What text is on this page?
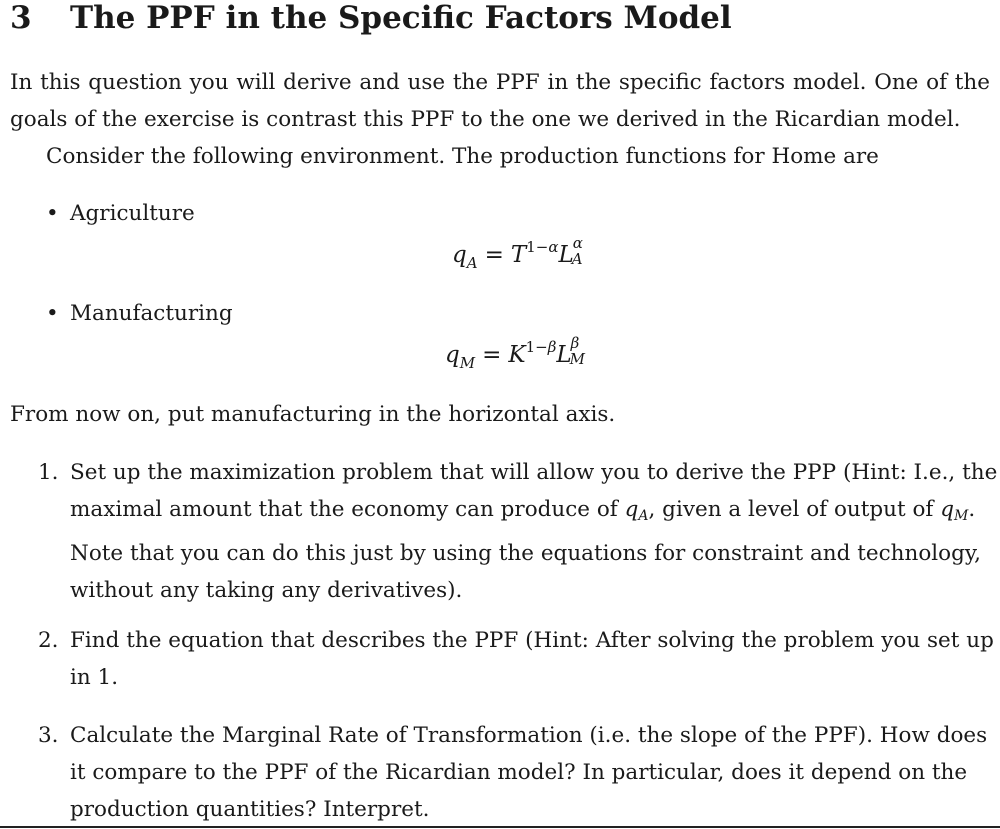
3 The PPF in the Specific Factors Model

In this question you will derive and use the PPF in the specific factors model. One of the goals of the exercise is contrast this PPF to the one we derived in the Ricardian model.

Consider the following environment. The production functions for Home are

• Agriculture
$q_A = T^{1-\alpha}L$ α
A
• Manufacturing
$q_M = K^{1-\beta}L$ β
M

From now on, put manufacturing in the horizontal axis.

1. Set up the maximization problem that will allow you to derive the PPP (Hint: I.e., the
maximal amount that the economy can produce of qA, given a level of output of qM.
Note that you can do this just by using the equations for constraint and technology,
without any taking any derivatives).
2. Find the equation that describes the PPF (Hint: After solving the problem you set up
in 1.
3. Calculate the Marginal Rate of Transformation (i.e. the slope of the PPF). How does
it compare to the PPF of the Ricardian model? In particular, does it depend on the
production quantities? Interpret.
